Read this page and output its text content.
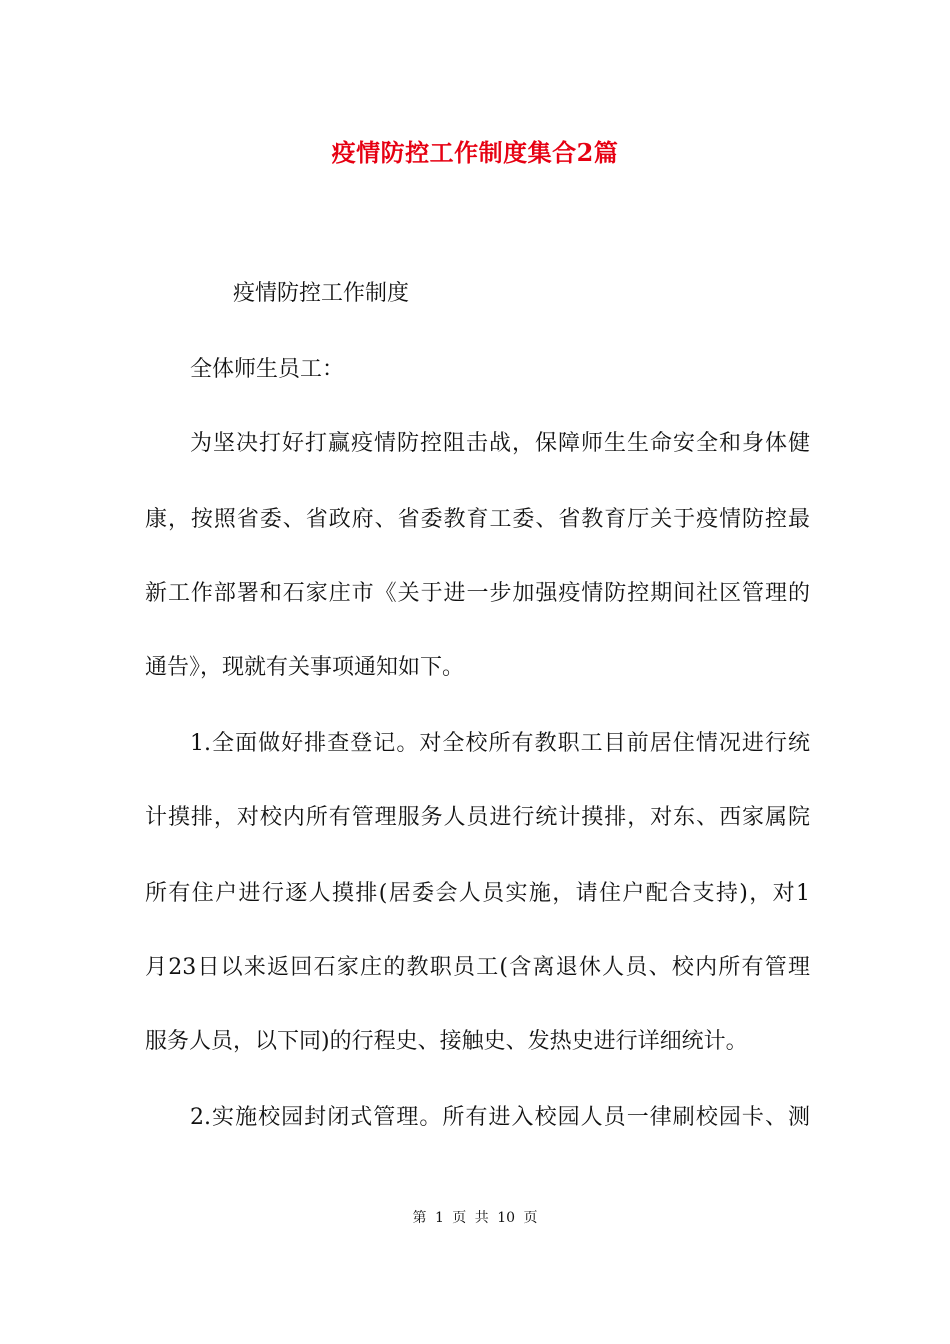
疫情防控工作制度集合2篇
疫情防控工作制度
全体师生员工：
为坚决打好打赢疫情防控阻击战，保障师生生命安全和身体健
康，按照省委、省政府、省委教育工委、省教育厅关于疫情防控最
新工作部署和石家庄市《关于进一步加强疫情防控期间社区管理的
通告》，现就有关事项通知如下。
1.全面做好排查登记。对全校所有教职工目前居住情况进行统
计摸排，对校内所有管理服务人员进行统计摸排，对东、西家属院
所有住户进行逐人摸排(居委会人员实施，请住户配合支持)，对1
月23日以来返回石家庄的教职员工(含离退休人员、校内所有管理
服务人员，以下同)的行程史、接触史、发热史进行详细统计。
2.实施校园封闭式管理。所有进入校园人员一律刷校园卡、测
第 1 页 共 10 页
